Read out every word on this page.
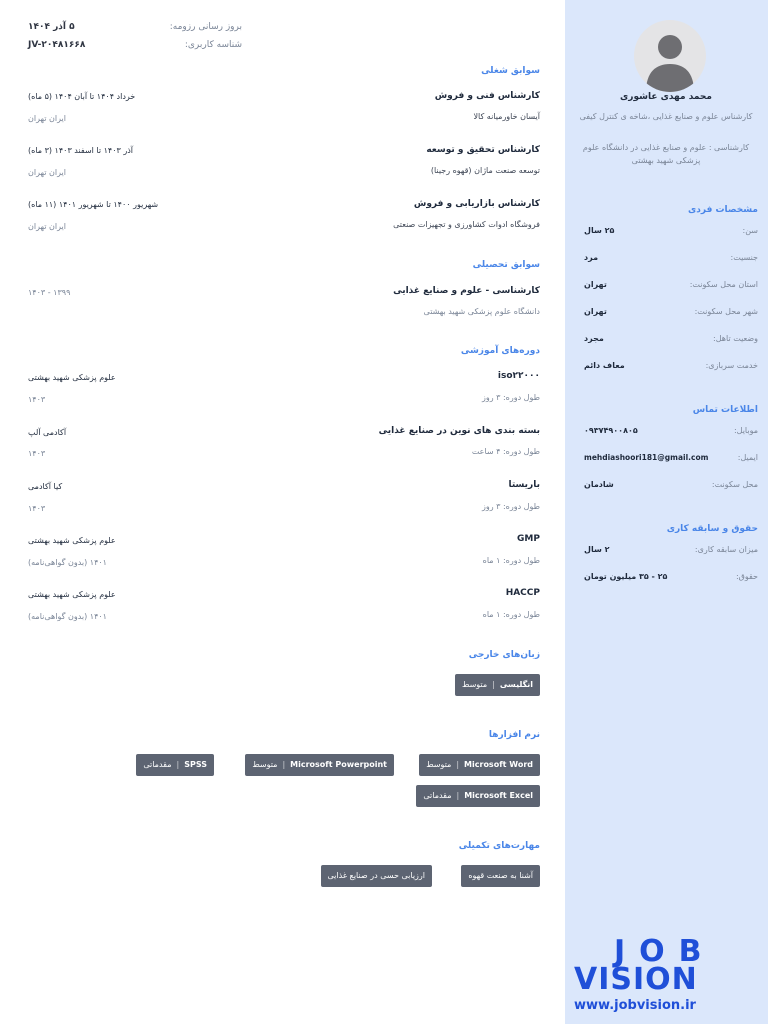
محمد مهدی عاشوری
کارشناس علوم و صنایع غذایی ،شاخه ی کنترل کیفی
کارشناسی : علوم و صنایع غذایی در دانشگاه علوم پزشکی شهید بهشتی
مشخصات فردی
سن:
۲۵ سال
جنسیت:
مرد
استان محل سکونت:
تهران
شهر محل سکونت:
تهران
وضعیت تاهل:
مجرد
خدمت سربازی:
معاف دائم
اطلاعات تماس
موبایل:
۰۹۳۷۴۹۰۰۸۰۵
ایمیل:
mehdiashoori181@gmail.com
محل سکونت:
شادمان
حقوق و سابقه کاری
میزان سابقه کاری:
۲ سال
حقوق:
۲۵ - ۳۵ میلیون تومان
JOB
VISION
www.jobvision.ir
بروز رسانی رزومه:
۵ آذر ۱۴۰۴
شناسه کاربری:
JV-۲۰۴۸۱۶۶۸
سوابق شغلی
کارشناس فنی و فروش
آیسان خاورمیانه کالا
خرداد ۱۴۰۴ تا آبان ۱۴۰۴ (۵ ماه)
ایران تهران
کارشناس تحقیق و توسعه
توسعه صنعت ماژان (قهوه رجینا)
آذر ۱۴۰۳ تا اسفند ۱۴۰۳ (۳ ماه)
ایران تهران
کارشناس بازاریابی و فروش
فروشگاه ادوات کشاورزی و تجهیزات صنعتی
شهریور ۱۴۰۰ تا شهریور ۱۴۰۱ (۱۱ ماه)
ایران تهران
سوابق تحصیلی
کارشناسی - علوم و صنایع غذایی
دانشگاه علوم پزشکی شهید بهشتی
۱۳۹۹ - ۱۴۰۳
دوره‌های آموزشی
iso۲۲۰۰۰
طول دوره: ۳ روز
علوم پزشکی شهید بهشتی
۱۴۰۳
بسته بندی های نوین در صنایع غذایی
طول دوره: ۴ ساعت
آکادمی آلپ
۱۴۰۳
باریستا
طول دوره: ۳ روز
کیا آکادمی
۱۴۰۳
GMP
طول دوره: ۱ ماه
علوم پزشکی شهید بهشتی
۱۴۰۱ (بدون گواهی‌نامه)
HACCP
طول دوره: ۱ ماه
علوم پزشکی شهید بهشتی
۱۴۰۱ (بدون گواهی‌نامه)
زبان‌های خارجی
انگلیسی|متوسط
نرم افزارها
متوسط | Microsoft Word
متوسط | Microsoft Powerpoint
مقدماتی | SPSS
مقدماتی | Microsoft Excel
مهارت‌های تکمیلی
آشنا به صنعت قهوه
ارزیابی حسی در صنایع غذایی
